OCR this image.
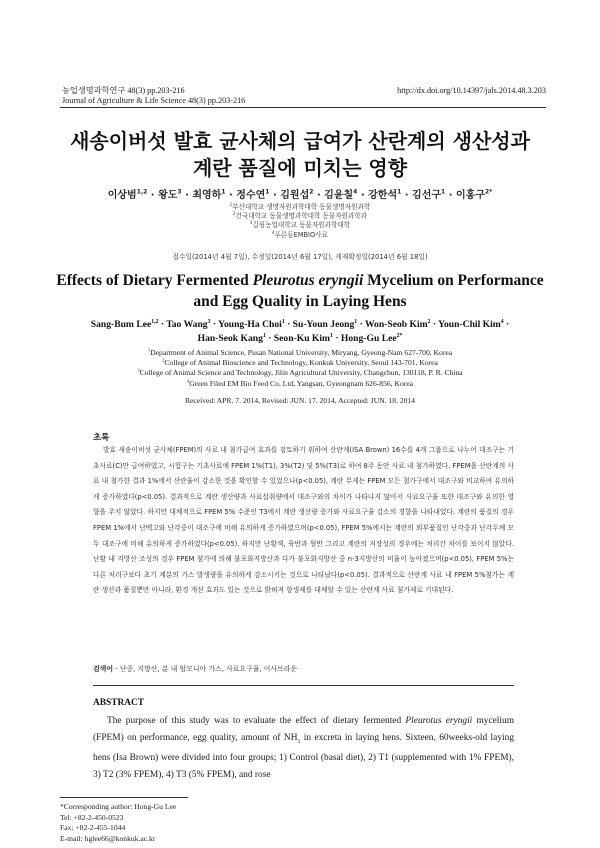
농업생명과학연구 48(3) pp.203-216
Journal of Agriculture & Life Science 48(3) pp.203-216
http://dx.doi.org/10.14397/jals.2014.48.3.203
새송이버섯 발효 균사체의 급여가 산란계의 생산성과
계란 품질에 미치는 영향
이상범$^{1,2}$ · 왕도$^3$ · 최영하$^1$ · 정수연$^1$ · 김원섭$^2$ · 김윤칠$^4$ · 강한석$^1$ · 김선구$^1$ · 이홍구$^{2*}$
$^1$부산대학교 생명자원과학대학 동물생명자원과학
$^2$건국대학교 동물생명과학대학 동물자원과학과
$^3$길림농업대학교 동물자원과학대학
$^4$푸른들EMBIO사료
접수일(2014년 4월 7일), 수정일(2014년 6월 17일), 게재확정일(2014년 6월 18일)
Effects of Dietary Fermented Pleurotus eryngii Mycelium on Performance
and Egg Quality in Laying Hens
Sang-Bum Lee$^{1,2}$ · Tao Wang$^3$ · Young-Ha Choi$^1$ · Su-Youn Jeong$^1$ · Won-Seob Kim$^2$ · Youn-Chil Kim$^4$ ·
Han-Seok Kang$^1$ · Seon-Ku Kim$^1$ · Hong-Gu Lee$^{2*}$
$^1$Department of Animal Science, Pusan National University, Miryang, Gyeong-Nam 627-700, Korea
$^2$College of Animal Bioscience and Technology, Konkuk University, Seoul 143-701, Korea
$^3$College of Animal Science and Technology, Jilin Agricultural University, Changchun, 130118, P. R. China
$^4$Green Filed EM Bio Feed Co. Ltd, Yangsan, Gyeongnam 626-856, Korea
Received: APR. 7. 2014, Revised: JUN. 17. 2014, Accepted: JUN. 18. 2014
초록
발효 새송이버섯 균사체(FPEM)의 사료 내 첨가급여 효과를 검토하기 위하여 산란계(ISA Brown) 16수를 4개 그룹으로 나누어 대조구는 기초사료(C)만 급여하였고, 시험구는 기초사료에 FPEM 1%(T1), 3%(T2) 및 5%(T3)로 하여 8주 동안 사료 내 첨가하였다. FPEM을 산란계의 사료 내 첨가한 결과 1%에서 산란율이 감소한 것을 확인할 수 있었으나(p<0.05), 계란 무게는 FPEM 모든 첨가구에서 대조구와 비교하여 유의하게 증가하였다(p<0.05). 결과적으로 계란 생산량과 사료섭취량에서 대조구와의 차이가 나타나지 않아서 사료요구율 또한 대조구와 유의한 영향을 주지 않았다. 하지만 대체적으로 FPEM 5% 수준인 T3에서 계란 생산량 증가와 사료요구율 감소의 경향을 나타내었다. 계란의 품질의 경우 FPEM 1%에서 난백고와 난각중이 대조구에 비해 유의하게 증가하였으며(p<0.05), FPEM 5%에서는 계란의 외부품질인 난각중과 난각두께 모두 대조구에 비해 유의하게 증가하였다(p<0.05). 하지만 난황색, 육반과 혈반 그리고 계란의 저장성의 경우에는 처리간 차이를 보이지 않았다. 난황 내 지방산 조성의 경우 FPEM 첨가에 의해 불포화지방산과 다가 불포화지방산 중 n-3지방산의 비율이 높아졌으며(p<0.05), FPEM 5%는 다른 처리구보다 초기 계분의 가스 발생량을 유의하게 감소시키는 것으로 나타났다(p<0.05). 결과적으로 산란계 사료 내 FPEM 5%첨가는 계란 생산과 품질뿐만 아니라, 환경 개선 효과도 있는 것으로 밝혀져 항생제를 대체할 수 있는 산란계 사료 첨가제로 기대된다.
검색어 - 난중, 지방산, 분 내 암모니아 가스, 사료요구율, 이사브라운
ABSTRACT
The purpose of this study was to evaluate the effect of dietary fermented Pleurotus eryngii mycelium (FPEM) on performance, egg quality, amount of $NH_3$ in excreta in laying hens. Sixteen, 60weeks-old laying hens (Isa Brown) were divided into four groups; 1) Control (basal diet), 2) T1 (supplemented with 1% FPEM), 3) T2 (3% FPEM), 4) T3 (5% FPEM), and rose
*Corresponding author: Hong-Gu Lee
Tel: +82-2-450-0523
Fax: +82-2-455-1044
E-mail: hglee66@konkuk.ac.kr
